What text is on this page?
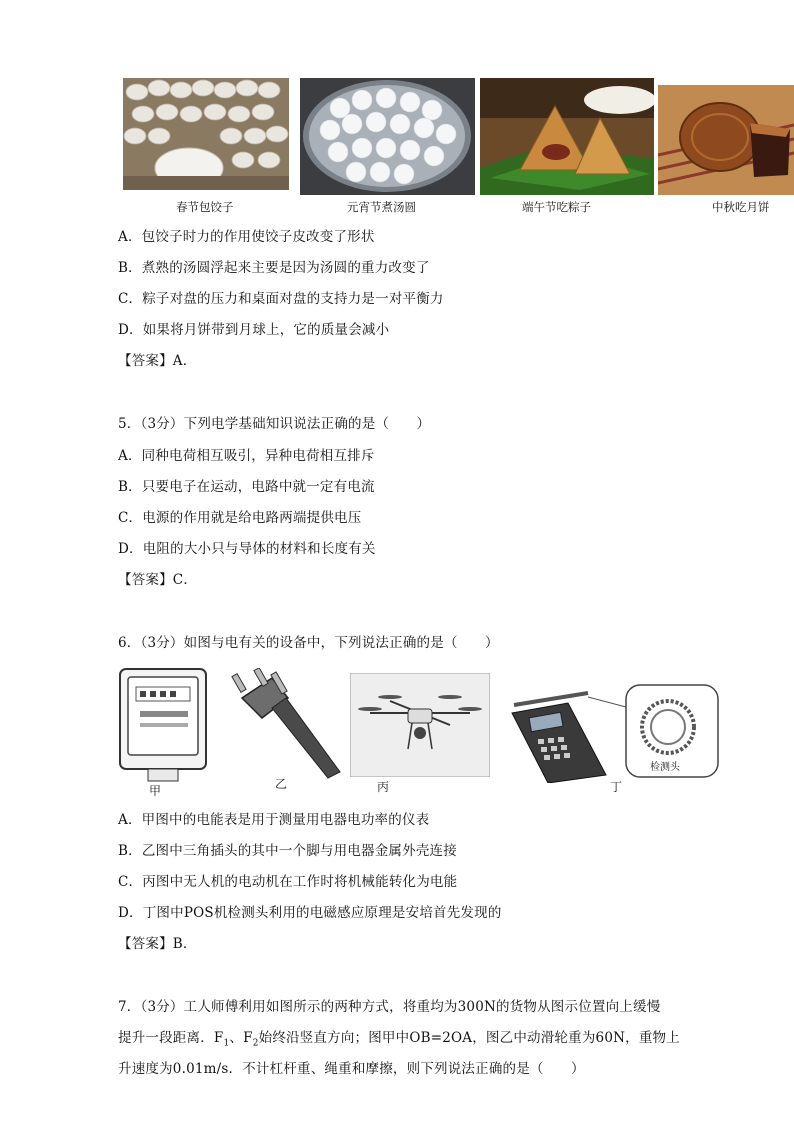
春节包饺子	元宵节煮汤圆	端午节吃粽子	中秋吃月饼
A．包饺子时力的作用使饺子皮改变了形状
B．煮熟的汤圆浮起来主要是因为汤圆的重力改变了
C．粽子对盘的压力和桌面对盘的支持力是一对平衡力
D．如果将月饼带到月球上，它的质量会减小
【答案】A．
5．（3分）下列电学基础知识说法正确的是（　　）
A．同种电荷相互吸引，异种电荷相互排斥
B．只要电子在运动，电路中就一定有电流
C．电源的作用就是给电路两端提供电压
D．电阻的大小只与导体的材料和长度有关
【答案】C．
6．（3分）如图与电有关的设备中，下列说法正确的是（　　）
甲	乙	丙
检测头
丁
A．甲图中的电能表是用于测量用电器电功率的仪表
B．乙图中三角插头的其中一个脚与用电器金属外壳连接
C．丙图中无人机的电动机在工作时将机械能转化为电能
D．丁图中POS机检测头利用的电磁感应原理是安培首先发现的
【答案】B．
7．（3分）工人师傅利用如图所示的两种方式，将重均为300N的货物从图示位置向上缓慢
提升一段距离．$F_1$、$F_2$始终沿竖直方向；图甲中OB=2OA，图乙中动滑轮重为60N，重物上
升速度为0.01m/s．不计杠杆重、绳重和摩擦，则下列说法正确的是（　　）
